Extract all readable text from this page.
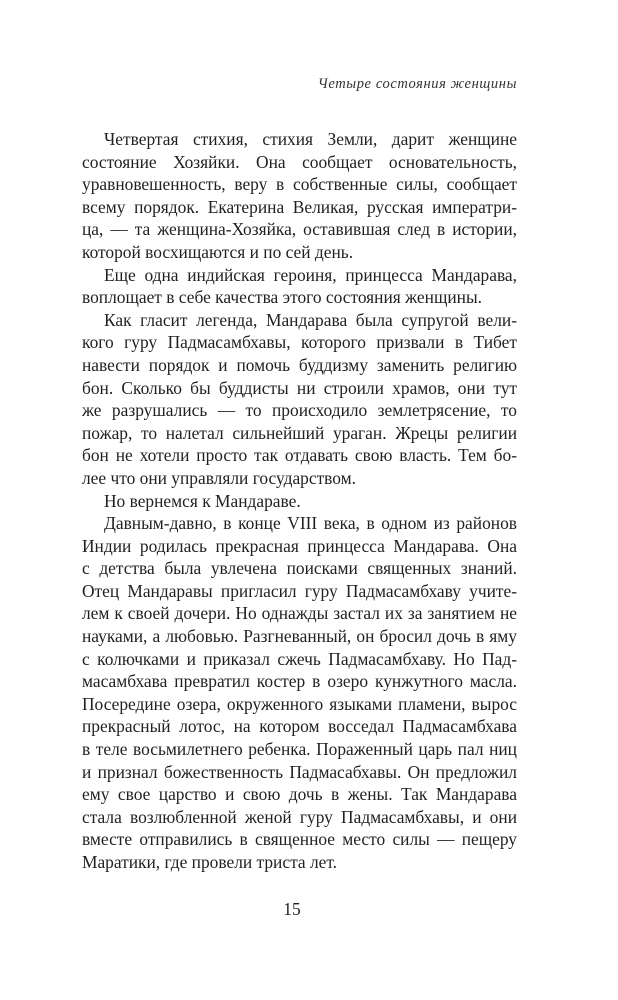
Четыре состояния женщины
Четвертая стихия, стихия Земли, дарит женщине
состояние Хозяйки. Она сообщает основательность,
уравновешенность, веру в собственные силы, сообщает
всему порядок. Екатерина Великая, русская императри-
ца, — та женщина-Хозяйка, оставившая след в истории,
которой восхищаются и по сей день.
Еще одна индийская героиня, принцесса Мандарава,
воплощает в себе качества этого состояния женщины.
Как гласит легенда, Мандарава была супругой вели-
кого гуру Падмасамбхавы, которого призвали в Тибет
навести порядок и помочь буддизму заменить религию
бон. Сколько бы буддисты ни строили храмов, они тут
же разрушались — то происходило землетрясение, то
пожар, то налетал сильнейший ураган. Жрецы религии
бон не хотели просто так отдавать свою власть. Тем бо-
лее что они управляли государством.
Но вернемся к Мандараве.
Давным-давно, в конце VIII века, в одном из районов
Индии родилась прекрасная принцесса Мандарава. Она
с детства была увлечена поисками священных знаний.
Отец Мандаравы пригласил гуру Падмасамбхаву учите-
лем к своей дочери. Но однажды застал их за занятием не
науками, а любовью. Разгневанный, он бросил дочь в яму
с колючками и приказал сжечь Падмасамбхаву. Но Пад-
масамбхава превратил костер в озеро кунжутного масла.
Посередине озера, окруженного языками пламени, вырос
прекрасный лотос, на котором восседал Падмасамбхава
в теле восьмилетнего ребенка. Пораженный царь пал ниц
и признал божественность Падмасабхавы. Он предложил
ему свое царство и свою дочь в жены. Так Мандарава
стала возлюбленной женой гуру Падмасамбхавы, и они
вместе отправились в священное место силы — пещеру
Маратики, где провели триста лет.
15
